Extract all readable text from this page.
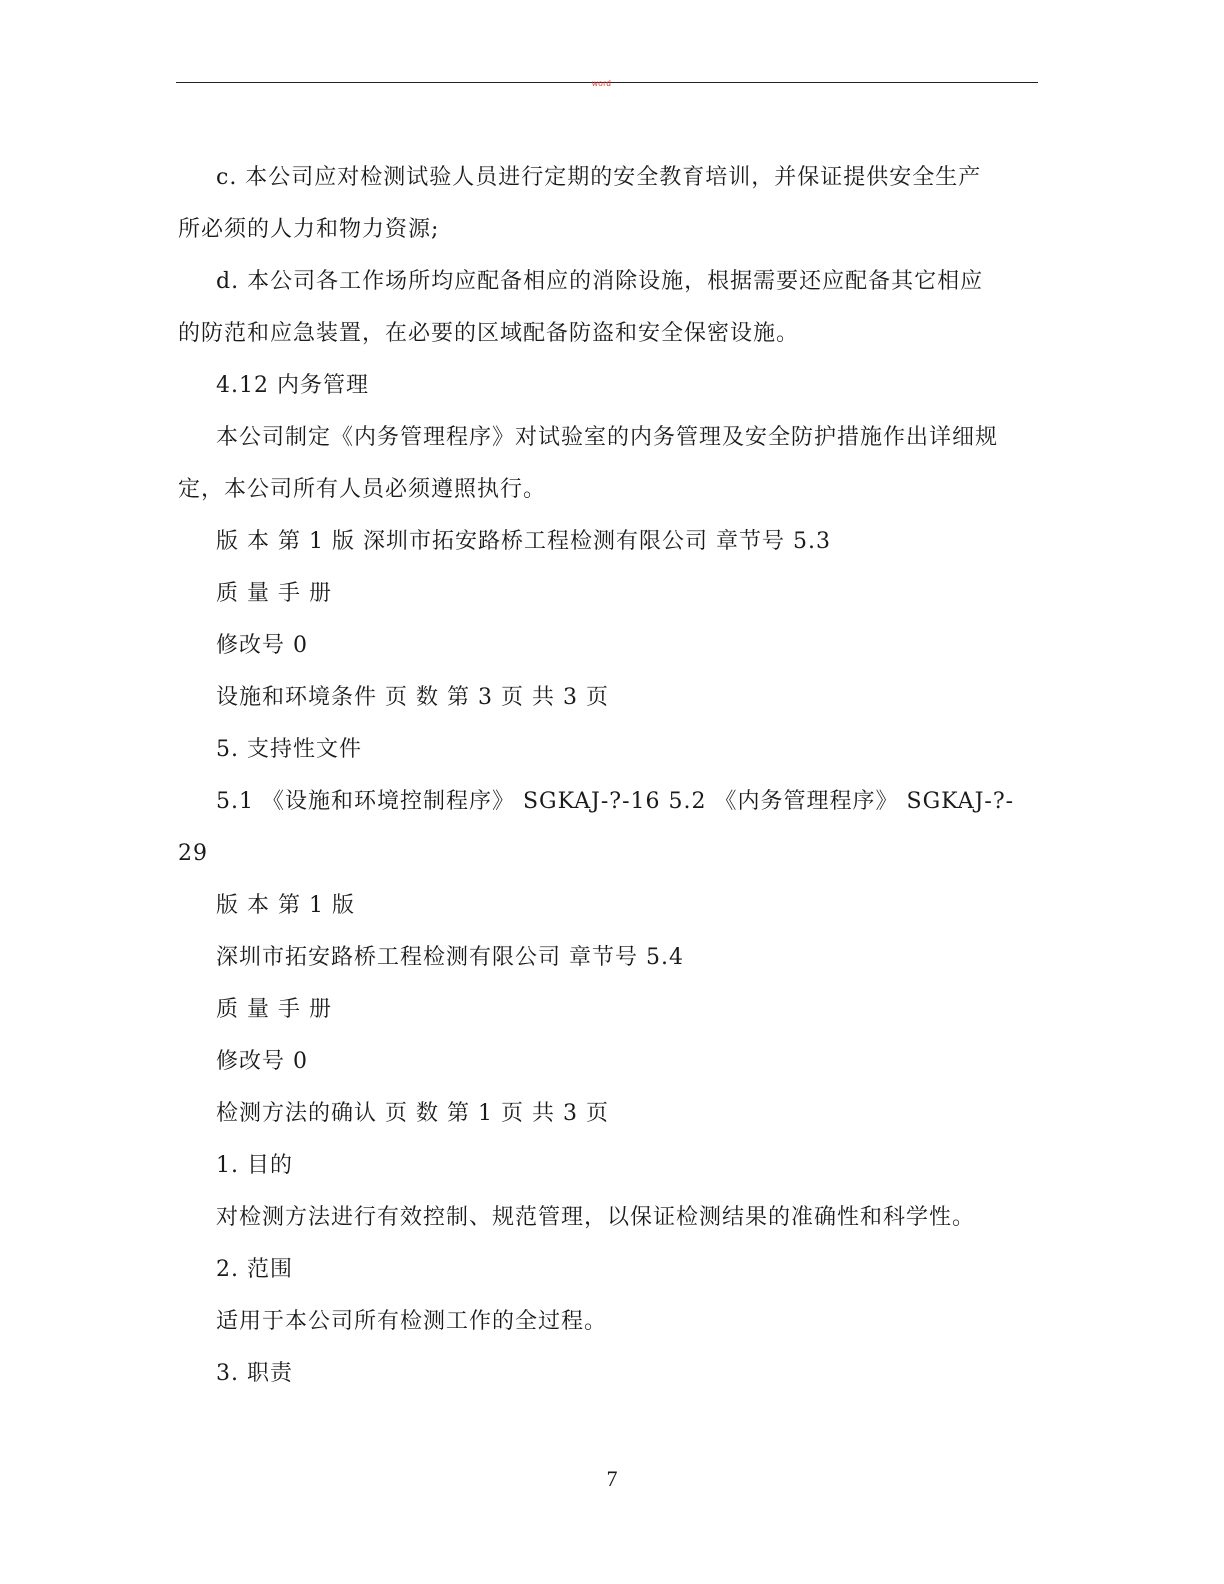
word
c. 本公司应对检测试验人员进行定期的安全教育培训，并保证提供安全生产
所必须的人力和物力资源;
d. 本公司各工作场所均应配备相应的消除设施，根据需要还应配备其它相应
的防范和应急装置，在必要的区域配备防盗和安全保密设施。
4.12 内务管理
本公司制定《内务管理程序》对试验室的内务管理及安全防护措施作出详细规
定，本公司所有人员必须遵照执行。
版 本 第 1 版 深圳市拓安路桥工程检测有限公司 章节号 5.3
质 量 手 册
修改号 0
设施和环境条件 页 数 第 3 页 共 3 页
5. 支持性文件
5.1 《设施和环境控制程序》 SGKAJ-?-16 5.2 《内务管理程序》 SGKAJ-?-
29
版 本 第 1 版
深圳市拓安路桥工程检测有限公司 章节号 5.4
质 量 手 册
修改号 0
检测方法的确认 页 数 第 1 页 共 3 页
1. 目的
对检测方法进行有效控制、规范管理，以保证检测结果的准确性和科学性。
2. 范围
适用于本公司所有检测工作的全过程。
3. 职责
7
